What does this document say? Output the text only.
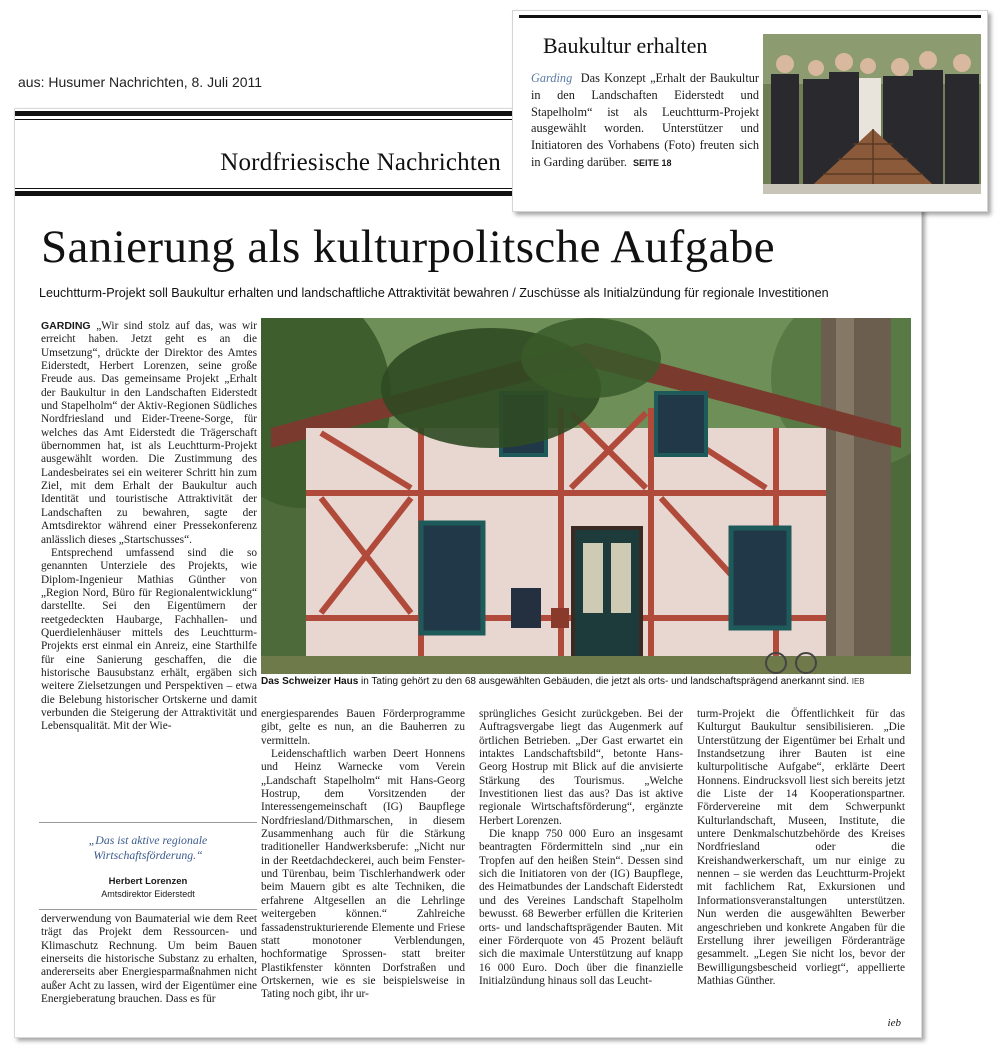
aus: Husumer Nachrichten, 8. Juli 2011
Nordfriesische Nachrichten
Sanierung als kulturpolitsche Aufgabe
Leuchtturm-Projekt soll Baukultur erhalten und landschaftliche Attraktivität bewahren / Zuschüsse als Initialzündung für regionale Investitionen

GARDING „Wir sind stolz auf das, was wir erreicht haben. Jetzt geht es an die Umsetzung“, drückte der Direktor des Amtes Eiderstedt, Herbert Lorenzen, seine große Freude aus. Das gemeinsame Projekt „Erhalt der Baukultur in den Landschaften Eiderstedt und Stapelholm“ der Aktiv-Regionen Südliches Nordfriesland und Eider-Treene-Sorge, für welches das Amt Eiderstedt die Trägerschaft übernommen hat, ist als Leuchtturm-Projekt ausgewählt worden. Die Zustimmung des Landesbeirates sei ein weiterer Schritt hin zum Ziel, mit dem Erhalt der Baukultur auch Identität und touristische Attraktivität der Landschaften zu bewahren, sagte der Amtsdirektor während einer Pressekonferenz anlässlich dieses „Startschusses“.

Entsprechend umfassend sind die so genannten Unterziele des Projekts, wie Diplom-Ingenieur Mathias Günther von „Region Nord, Büro für Regionalentwicklung“ darstellte. Sei den Eigentümern der reetgedeckten Haubarge, Fachhallen- und Querdielenhäuser mittels des Leuchtturm-Projekts erst einmal ein Anreiz, eine Starthilfe für eine Sanierung geschaffen, die die historische Bausubstanz erhält, ergäben sich weitere Zielsetzungen und Perspektiven – etwa die Belebung historischer Ortskerne und damit verbunden die Steigerung der Attraktivität und Lebensqualität. Mit der Wie-

„Das ist aktive regionale Wirtschaftsförderung.“
Herbert Lorenzen
Amtsdirektor Eiderstedt

derverwendung von Baumaterial wie dem Reet trägt das Projekt dem Ressourcen- und Klimaschutz Rechnung. Um beim Bauen einerseits die historische Substanz zu erhalten, andererseits aber Energiesparmaßnahmen nicht außer Acht zu lassen, wird der Eigentümer eine Energieberatung brauchen. Dass es für

Das Schweizer Haus in Tating gehört zu den 68 ausgewählten Gebäuden, die jetzt als orts- und landschaftsprägend anerkannt sind. IEB

energiesparendes Bauen Förderprogramme gibt, gelte es nun, an die Bauherren zu vermitteln.

Leidenschaftlich warben Deert Honnens und Heinz Warnecke vom Verein „Landschaft Stapelholm“ mit Hans-Georg Hostrup, dem Vorsitzenden der Interessengemeinschaft (IG) Baupflege Nordfriesland/Dithmarschen, in diesem Zusammenhang auch für die Stärkung traditioneller Handwerksberufe: „Nicht nur in der Reetdachdeckerei, auch beim Fenster- und Türenbau, beim Tischlerhandwerk oder beim Mauern gibt es alte Techniken, die erfahrene Altgesellen an die Lehrlinge weitergeben können.“ Zahlreiche fassadenstrukturierende Elemente und Friese statt monotoner Verblendungen, hochformatige Sprossen- statt breiter Plastikfenster könnten Dorfstraßen und Ortskernen, wie es sie beispielsweise in Tating noch gibt, ihr ur-

sprüngliches Gesicht zurückgeben. Bei der Auftragsvergabe liegt das Augenmerk auf örtlichen Betrieben. „Der Gast erwartet ein intaktes Landschaftsbild“, betonte Hans-Georg Hostrup mit Blick auf die anvisierte Stärkung des Tourismus. „Welche Investitionen liest das aus? Das ist aktive regionale Wirtschaftsförderung“, ergänzte Herbert Lorenzen.

Die knapp 750 000 Euro an insgesamt beantragten Fördermitteln sind „nur ein Tropfen auf den heißen Stein“. Dessen sind sich die Initiatoren von der (IG) Baupflege, des Heimatbundes der Landschaft Eiderstedt und des Vereines Landschaft Stapelholm bewusst. 68 Bewerber erfüllen die Kriterien orts- und landschaftsprägender Bauten. Mit einer Förderquote von 45 Prozent beläuft sich die maximale Unterstützung auf knapp 16 000 Euro. Doch über die finanzielle Initialzündung hinaus soll das Leucht-

turm-Projekt die Öffentlichkeit für das Kulturgut Baukultur sensibilisieren. „Die Unterstützung der Eigentümer bei Erhalt und Instandsetzung ihrer Bauten ist eine kulturpolitische Aufgabe“, erklärte Deert Honnens. Eindrucksvoll liest sich bereits jetzt die Liste der 14 Kooperationspartner. Fördervereine mit dem Schwerpunkt Kulturlandschaft, Museen, Institute, die untere Denkmalschutzbehörde des Kreises Nordfriesland oder die Kreishandwerkerschaft, um nur einige zu nennen – sie werden das Leuchtturm-Projekt mit fachlichem Rat, Exkursionen und Informationsveranstaltungen unterstützen. Nun werden die ausgewählten Bewerber angeschrieben und konkrete Angaben für die Erstellung ihrer jeweiligen Förderanträge gesammelt. „Legen Sie nicht los, bevor der Bewilligungsbescheid vorliegt“, appellierte Mathias Günther.

ieb
Baukultur erhalten
Garding Das Konzept „Erhalt der Baukultur in den Landschaften Eiderstedt und Stapelholm“ ist als Leuchtturm-Projekt ausgewählt worden. Unterstützer und Initiatoren des Vorhabens (Foto) freuten sich in Garding darüber. SEITE 18
